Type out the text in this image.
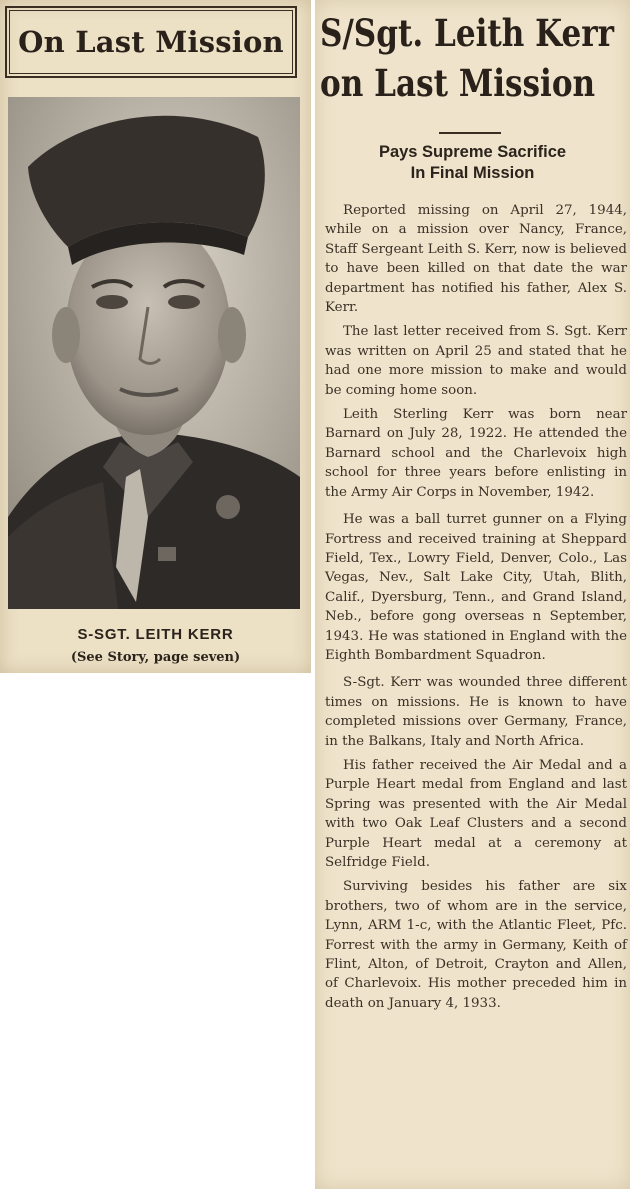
On Last Mission
S-SGT. LEITH KERR
(See Story, page seven)
S/Sgt. Leith Kerr
on Last Mission
Pays Supreme Sacrifice
In Final Mission

Reported missing on April 27, 1944, while on a mission over Nancy, France, Staff Sergeant Leith S. Kerr, now is believed to have been killed on that date the war department has notified his father, Alex S. Kerr.

The last letter received from S. Sgt. Kerr was written on April 25 and stated that he had one more mission to make and would be coming home soon.

Leith Sterling Kerr was born near Barnard on July 28, 1922. He attended the Barnard school and the Charlevoix high school for three years before enlisting in the Army Air Corps in November, 1942.

He was a ball turret gunner on a Flying Fortress and received training at Sheppard Field, Tex., Lowry Field, Denver, Colo., Las Vegas, Nev., Salt Lake City, Utah, Blith, Calif., Dyersburg, Tenn., and Grand Island, Neb., before gong overseas n September, 1943. He was stationed in England with the Eighth Bombardment Squadron.

S-Sgt. Kerr was wounded three different times on missions. He is known to have completed missions over Germany, France, in the Balkans, Italy and North Africa.

His father received the Air Medal and a Purple Heart medal from England and last Spring was presented with the Air Medal with two Oak Leaf Clusters and a second Purple Heart medal at a ceremony at Selfridge Field.

Surviving besides his father are six brothers, two of whom are in the service, Lynn, ARM 1-c, with the Atlantic Fleet, Pfc. Forrest with the army in Germany, Keith of Flint, Alton, of Detroit, Crayton and Allen, of Charlevoix. His mother preceded him in death on January 4, 1933.
